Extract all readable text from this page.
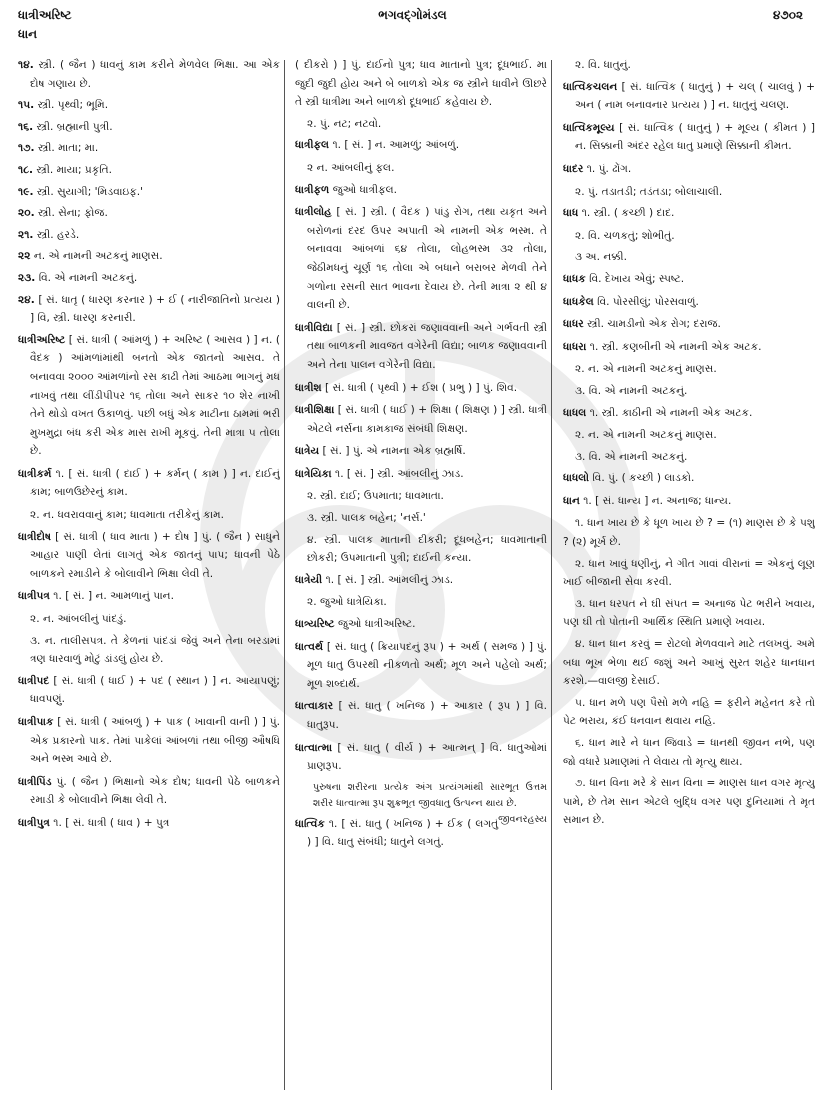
ધાત્રીઅરિષ્ટ
ધાન
ભગવદ્ગોમંડલ	૪૭૦૨

૧૪. સ્ત્રી. ( જૈન ) ધાવનું કામ કરીને મેળવેલ ભિક્ષા. આ એક દોષ ગણાય છે.

૧૫. સ્ત્રી. પૃથ્વી; ભૂમિ.

૧૬. સ્ત્રી. બ્રહ્માની પુત્રી.

૧૭. સ્ત્રી. માતા; મા.

૧૮. સ્ત્રી. માયા; પ્રકૃતિ.

૧૯. સ્ત્રી. સુયાગી; 'મિડવાઇફ.'

૨૦. સ્ત્રી. સેના; ફોજ.

૨૧. સ્ત્રી. હરડે.

૨૨ ન. એ નામની અટકનું માણસ.

૨૩. વિ. એ નામની અટકનું.

૨૪. [ સં. ધાતૃ ( ધારણ કરનાર ) + ઈ ( નારીજાતિનો પ્રત્યય ) ] વિ, સ્ત્રી. ધારણ કરનારી.

ધાત્રીઅરિષ્ટ [ સં. ધાત્રી ( આંમળું ) + અરિષ્ટ ( આસવ ) ] ન. ( વૈદક ) આંમળાંમાંથી બનતો એક જાતનો આસવ. તે બનાવવા ૨૦૦૦ આંમળાંનો રસ કાઢી તેમાં આઠમા ભાગનું મધ નાખવું તથા લીંડીપીપર ૧૬ તોલા અને સાકર ૧૦ શેર નાખી તેને થોડો વખત ઉકાળવું. પછી બધું એક માટીના ઠામમાં ભરી મુખમુદ્રા બંધ કરી એક માસ રાખી મૂકવું. તેની માત્રા ૫ તોલા છે.

ધાત્રીકર્મ ૧. [ સં. ધાત્રી ( દાઈ ) + કર્મન્ ( કામ ) ] ન. દાઈનું કામ; બાળઉછેરનું કામ.

૨. ન. ધવરાવવાનું કામ; ધાવમાતા તરીકેનું કામ.

ધાત્રીદોષ [ સં. ધાત્રી ( ધાવ માતા ) + દોષ ] પું. ( જૈન ) સાધુને આહાર પાણી લેતાં લાગતું એક જાતનું પાપ; ધાવની પેઠે બાળકને રમાડીને કે બોલાવીને ભિક્ષા લેવી તે.

ધાત્રીપત્ર ૧. [ સં. ] ન. આમળાનું પાન.

૨. ન. આંબલીનું પાંદડું.

૩. ન. તાલીસપત્ર. તે કેળનાં પાંદડાં જેવું અને તેના બરડામાં ત્રણ ધારવાળું મોટું ડાંડલું હોય છે.

ધાત્રીપદ [ સં. ધાત્રી ( ધાઈ ) + પદ ( સ્થાન ) ] ન. આયાપણું; ધાવપણું.

ધાત્રીપાક [ સં. ધાત્રી ( આંબળું ) + પાક ( ખાવાની વાની ) ] પું. એક પ્રકારનો પાક. તેમાં પાકેલાં આંબળાં તથા બીજી ઔષધિ અને ભસ્મ આવે છે.

ધાત્રીપિંડ પું. ( જૈન ) ભિક્ષાનો એક દોષ; ધાવની પેઠે બાળકને રમાડી કે બોલાવીને ભિક્ષા લેવી તે.

ધાત્રીપુત્ર ૧. [ સં. ધાત્રી ( ધાવ ) + પુત્ર

( દીકરો ) ] પું. દાઈનો પુત્ર; ધાવ માતાનો પુત્ર; દૂધભાઈ. મા જુદી જુદી હોય અને બે બાળકો એક જ સ્ત્રીને ધાવીને ઊછરે તે સ્ત્રી ધાત્રીમા અને બાળકો દૂધભાઈ કહેવાય છે.

૨. પું. નટ; નટવો.

ધાત્રીફલ ૧. [ સં. ] ન. આમળું; આંબળું.

૨ ન. આંબલીનું ફલ.

ધાત્રીફળ જુઓ ધાત્રીફલ.

ધાત્રીલોહ [ સં. ] સ્ત્રી. ( વૈદક ) પાંડુ રોગ, તથા યકૃત અને બરોળનાં દરદ ઉપર અપાતી એ નામની એક ભસ્મ. તે બનાવવા આંબળાં ૬૪ તોલા, લોહભસ્મ ૩૨ તોલા, જેઠીમધનું ચૂર્ણ ૧૬ તોલા એ બધાને બરાબર મેળવી તેને ગળોના રસની સાત ભાવના દેવાય છે. તેની માત્રા ૨ થી ૪ વાલની છે.

ધાત્રીવિદ્યા [ સં. ] સ્ત્રી. છોકરાં જણાવવાની અને ગર્ભવતી સ્ત્રી તથા બાળકની માવજત વગેરેની વિદ્યા; બાળક જણાવવાની અને તેના પાલન વગેરેની વિદ્યા.

ધાત્રીશ [ સં. ધાત્રી ( પૃથ્વી ) + ઈશ ( પ્રભુ ) ] પું. શિવ.

ધાત્રીશિક્ષા [ સં. ધાત્રી ( ધાઈ ) + શિક્ષા ( શિક્ષણ ) ] સ્ત્રી. ધાત્રી એટલે નર્સના કામકાજ સંબંધી શિક્ષણ.

ધાત્રેય [ સં. ] પું. એ નામના એક બ્રહ્મર્ષિ.

ધાત્રેયિકા ૧. [ સં. ] સ્ત્રી. આંબલીનું ઝાડ.

૨. સ્ત્રી. દાઈ; ઉપમાતા; ધાવમાતા.

૩. સ્ત્રી. પાલક બહેન; 'નર્સ.'

૪. સ્ત્રી. પાલક માતાની દીકરી; દૂધબહેન; ધાવમાતાની છોકરી; ઉપમાતાની પુત્રી; દાઈની કન્યા.

ધાત્રેયી ૧. [ સં. ] સ્ત્રી. આંમલીનું ઝાડ.

૨. જુઓ ધાત્રેયિકા.

ધાત્ર્યરિષ્ટ જુઓ ધાત્રીઅરિષ્ટ.

ધાત્વર્થ [ સં. ધાતુ ( ક્રિયાપદનું રૂપ ) + અર્થ ( સમજ ) ] પું. મૂળ ધાતુ ઉપરથી નીકળતો અર્થ; મૂળ અને પહેલો અર્થ; મૂળ શબ્દાર્થ.

ધાત્વાકાર [ સં. ધાતુ ( ખનિજ ) + આકાર ( રૂપ ) ] વિ. ધાતુરૂપ.

ધાત્વાત્મા [ સં. ધાતુ ( વીર્ય ) + આત્મન્ ] વિ. ધાતુઓમાં પ્રાણરૂપ.

પુરુષના શરીરના પ્રત્યેક અંગ પ્રત્યંગમાંથી સારભૂત ઉત્તમ શરીર ધાત્વાત્મા રૂપ શુક્રભૂત જીવધાતુ ઉત્પન્ન થાય છે.
જીવનરહસ્ય

ધાત્વિક ૧. [ સં. ધાતુ ( ખનિજ ) + ઈક ( લગતું ) ] વિ. ધાતુ સંબંધી; ધાતુને લગતું.

૨. વિ. ધાતુનું.

ધાત્વિકચલન [ સં. ધાત્વિક ( ધાતુનું ) + ચલ્ ( ચાલવું ) + અન ( નામ બનાવનાર પ્રત્યય ) ] ન. ધાતુનું ચલણ.

ધાત્વિકમૂલ્ય [ સં. ધાત્વિક ( ધાતુનું ) + મૂલ્ય ( કીમત ) ] ન. સિક્કાની અંદર રહેલ ધાતુ પ્રમાણે સિક્કાની કીમત.

ધાદર ૧. પું. ઢોંગ.

૨. પું. તડાતડી; તડંતડા; બોલાચાલી.

ધાધ ૧. સ્ત્રી. ( કચ્છી ) દાદ.

૨. વિ. ચળકતું; શોભીતું.

૩ અ. નક્કી.

ધાધક વિ. દેખાય એવું; સ્પષ્ટ.

ધાધકેલ વિ. પોરસીલું; પોરસવાળું.

ધાધર સ્ત્રી. ચામડીનો એક રોગ; દરાજ.

ધાધરા ૧. સ્ત્રી. કણબીની એ નામની એક અટક.

૨. ન. એ નામની અટકનું માણસ.

૩. વિ. એ નામની અટકનું.

ધાધલ ૧. સ્ત્રી. કાઠીની એ નામની એક અટક.

૨. ન. એ નામની અટકનું માણસ.

૩. વિ. એ નામની અટકનું.

ધાધલો વિ. પું. ( કચ્છી ) લાડકો.

ધાન ૧. [ સં. ધાન્ય ] ન. અનાજ; ધાન્ય.

૧. ધાન ખાય છે કે ધૂળ ખાય છે ? = (૧) માણસ છે કે પશુ ? (૨) મૂર્ખ છે.

૨. ધાન ખાવું ધણીનું, ને ગીત ગાવાં વીરાનાં = એકનું લૂણ ખાઈ બીજાની સેવા કરવી.

૩. ધાન ધરપત ને ઘી સંપત = અનાજ પેટ ભરીને ખવાય, પણ ઘી તો પોતાની આર્થિક સ્થિતિ પ્રમાણે ખવાય.

૪. ધાન ધાન કરવું = રોટલો મેળવવાને માટે તલખવું. અમે બધા ભૂખ ભેળા થઈ જશું અને આખું સુરત શહેર ધાનધાન કરશે.—વાલજી દેસાઈ.

૫. ધાન મળે પણ પૈસો મળે નહિ = ફરીને મહેનત કરે તો પેટ ભરાય, કંઈ ધનવાન થવાય નહિ.

૬. ધાન મારે ને ધાન જિવાડે = ધાનથી જીવન નભે, પણ જો વધારે પ્રમાણમાં તે લેવાય તો મૃત્યુ થાય.

૭. ધાન વિના મરે કે સાન વિના = માણસ ધાન વગર મૃત્યુ પામે, છે તેમ સાન એટલે બુદ્ધિ વગર પણ દુનિયામાં તે મૃત સમાન છે.
